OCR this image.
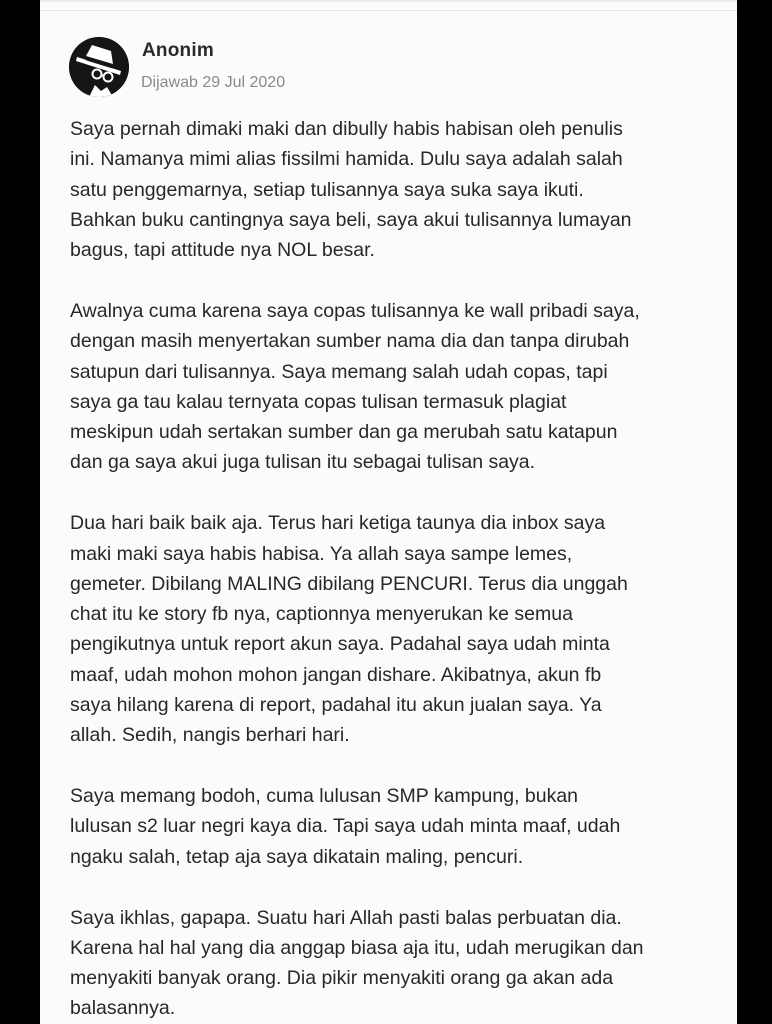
Anonim
Dijawab 29 Jul 2020

Saya pernah dimaki maki dan dibully habis habisan oleh penulis
ini. Namanya mimi alias fissilmi hamida. Dulu saya adalah salah
satu penggemarnya, setiap tulisannya saya suka saya ikuti.
Bahkan buku cantingnya saya beli, saya akui tulisannya lumayan
bagus, tapi attitude nya NOL besar.

Awalnya cuma karena saya copas tulisannya ke wall pribadi saya,
dengan masih menyertakan sumber nama dia dan tanpa dirubah
satupun dari tulisannya. Saya memang salah udah copas, tapi
saya ga tau kalau ternyata copas tulisan termasuk plagiat
meskipun udah sertakan sumber dan ga merubah satu katapun
dan ga saya akui juga tulisan itu sebagai tulisan saya.

Dua hari baik baik aja. Terus hari ketiga taunya dia inbox saya
maki maki saya habis habisa. Ya allah saya sampe lemes,
gemeter. Dibilang MALING dibilang PENCURI. Terus dia unggah
chat itu ke story fb nya, captionnya menyerukan ke semua
pengikutnya untuk report akun saya. Padahal saya udah minta
maaf, udah mohon mohon jangan dishare. Akibatnya, akun fb
saya hilang karena di report, padahal itu akun jualan saya. Ya
allah. Sedih, nangis berhari hari.

Saya memang bodoh, cuma lulusan SMP kampung, bukan
lulusan s2 luar negri kaya dia. Tapi saya udah minta maaf, udah
ngaku salah, tetap aja saya dikatain maling, pencuri.

Saya ikhlas, gapapa. Suatu hari Allah pasti balas perbuatan dia.
Karena hal hal yang dia anggap biasa aja itu, udah merugikan dan
menyakiti banyak orang. Dia pikir menyakiti orang ga akan ada
balasannya.
